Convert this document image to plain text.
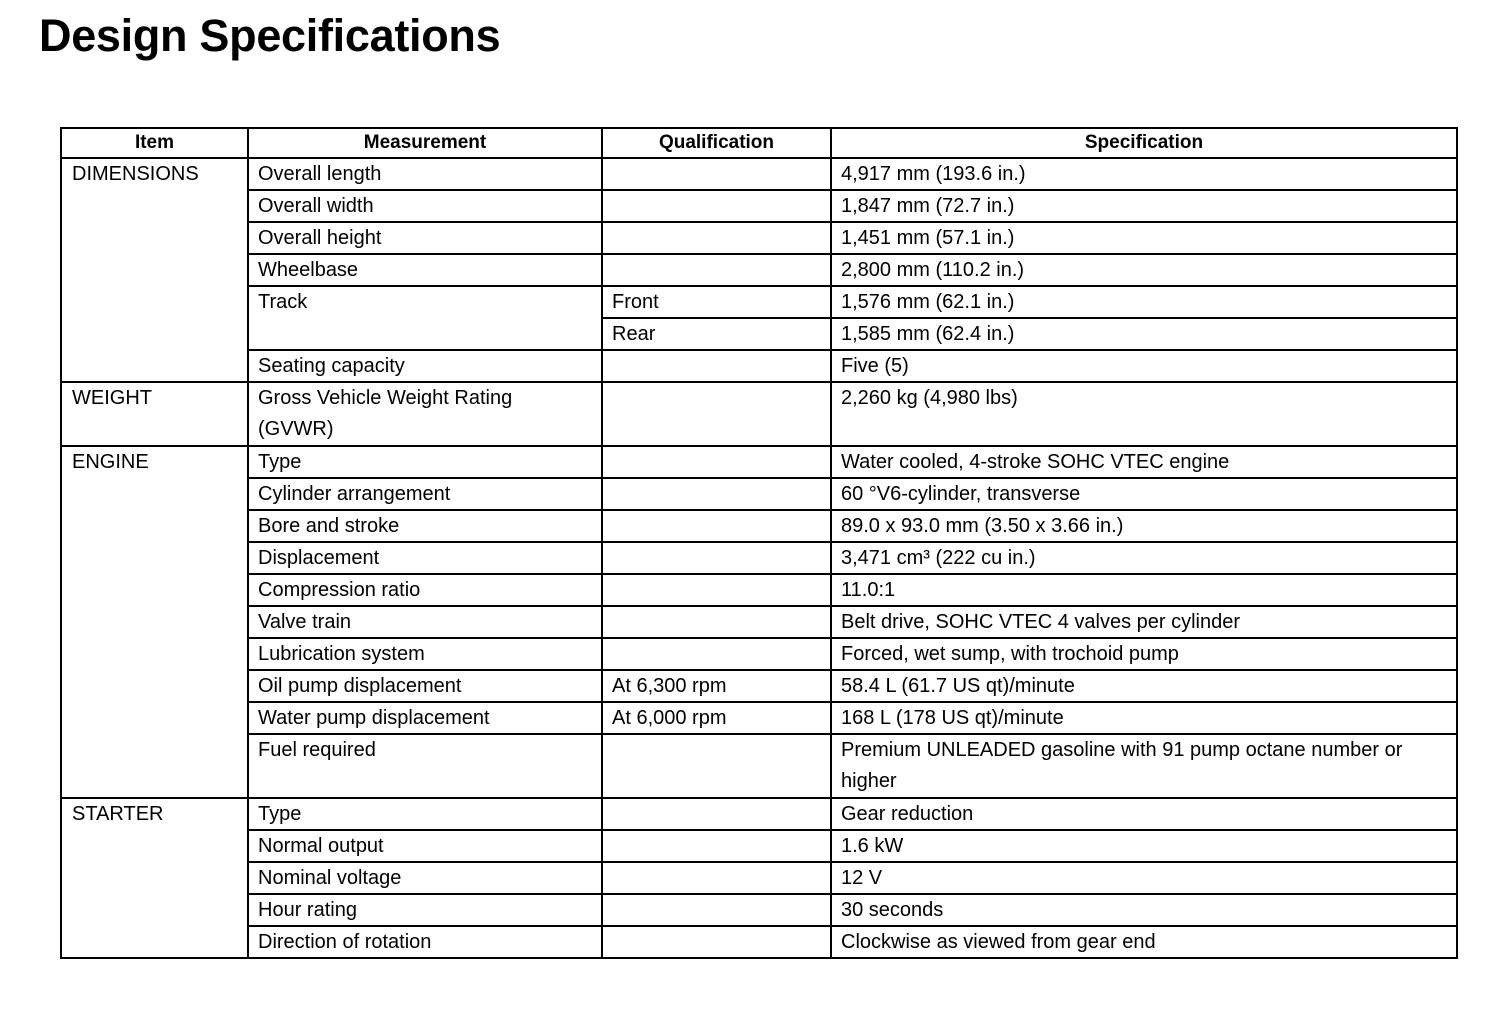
Design Specifications
Item	Measurement	Qualification	Specification
DIMENSIONS	Overall length		4,917 mm (193.6 in.)
	Overall width		1,847 mm (72.7 in.)
	Overall height		1,451 mm (57.1 in.)
	Wheelbase		2,800 mm (110.2 in.)
	Track	Front	1,576 mm (62.1 in.)
		Rear	1,585 mm (62.4 in.)
	Seating capacity		Five (5)
WEIGHT	Gross Vehicle Weight Rating (GVWR)		2,260 kg (4,980 lbs)
ENGINE	Type		Water cooled, 4-stroke SOHC VTEC engine
	Cylinder arrangement		60 °V6-cylinder, transverse
	Bore and stroke		89.0 x 93.0 mm (3.50 x 3.66 in.)
	Displacement		3,471 cm³ (222 cu in.)
	Compression ratio		11.0:1
	Valve train		Belt drive, SOHC VTEC 4 valves per cylinder
	Lubrication system		Forced, wet sump, with trochoid pump
	Oil pump displacement	At 6,300 rpm	58.4 L (61.7 US qt)/minute
	Water pump displacement	At 6,000 rpm	168 L (178 US qt)/minute
	Fuel required		Premium UNLEADED gasoline with 91 pump octane number or higher
STARTER	Type		Gear reduction
	Normal output		1.6 kW
	Nominal voltage		12 V
	Hour rating		30 seconds
	Direction of rotation		Clockwise as viewed from gear end
